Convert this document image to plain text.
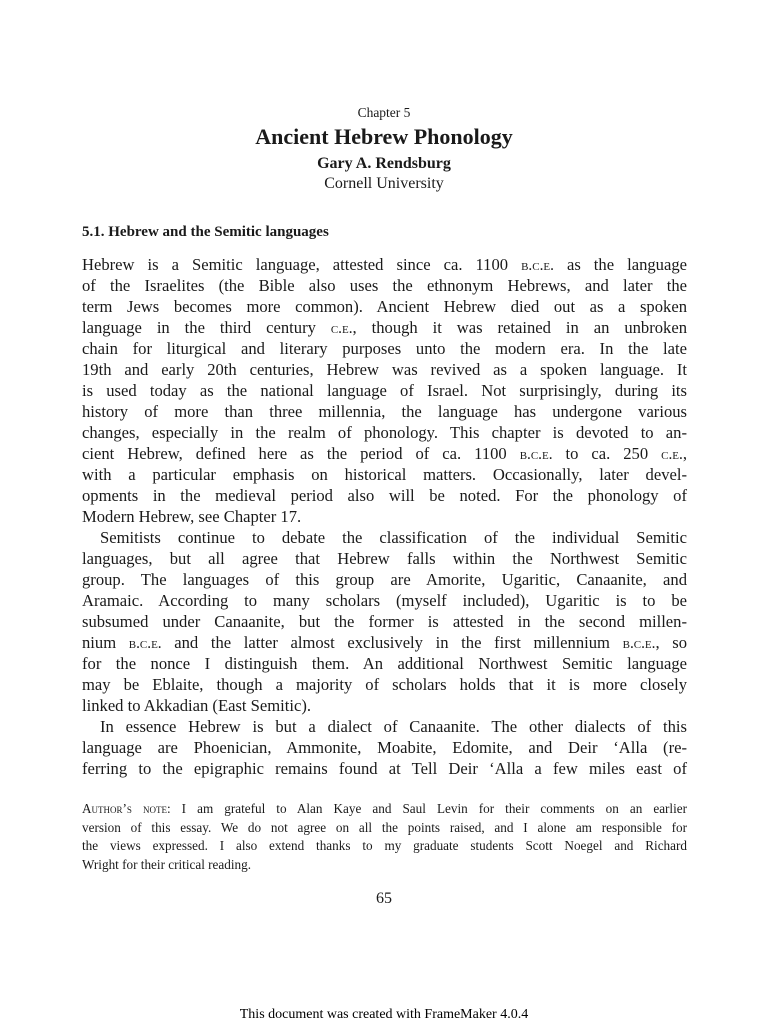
Chapter 5
Ancient Hebrew Phonology
Gary A. Rendsburg
Cornell University
5.1. Hebrew and the Semitic languages
Hebrew is a Semitic language, attested since ca. 1100 b.c.e. as the language
of the Israelites (the Bible also uses the ethnonym Hebrews, and later the
term Jews becomes more common). Ancient Hebrew died out as a spoken
language in the third century c.e., though it was retained in an unbroken
chain for liturgical and literary purposes unto the modern era. In the late
19th and early 20th centuries, Hebrew was revived as a spoken language. It
is used today as the national language of Israel. Not surprisingly, during its
history of more than three millennia, the language has undergone various
changes, especially in the realm of phonology. This chapter is devoted to an-
cient Hebrew, defined here as the period of ca. 1100 b.c.e. to ca. 250 c.e.,
with a particular emphasis on historical matters. Occasionally, later devel-
opments in the medieval period also will be noted. For the phonology of
Modern Hebrew, see Chapter 17.
Semitists continue to debate the classification of the individual Semitic
languages, but all agree that Hebrew falls within the Northwest Semitic
group. The languages of this group are Amorite, Ugaritic, Canaanite, and
Aramaic. According to many scholars (myself included), Ugaritic is to be
subsumed under Canaanite, but the former is attested in the second millen-
nium b.c.e. and the latter almost exclusively in the first millennium b.c.e., so
for the nonce I distinguish them. An additional Northwest Semitic language
may be Eblaite, though a majority of scholars holds that it is more closely
linked to Akkadian (East Semitic).
In essence Hebrew is but a dialect of Canaanite. The other dialects of this
language are Phoenician, Ammonite, Moabite, Edomite, and Deir ‘Alla (re-
ferring to the epigraphic remains found at Tell Deir ‘Alla a few miles east of
Author’s note: I am grateful to Alan Kaye and Saul Levin for their comments on an earlier
version of this essay. We do not agree on all the points raised, and I alone am responsible for
the views expressed. I also extend thanks to my graduate students Scott Noegel and Richard
Wright for their critical reading.
65
This document was created with FrameMaker 4.0.4
